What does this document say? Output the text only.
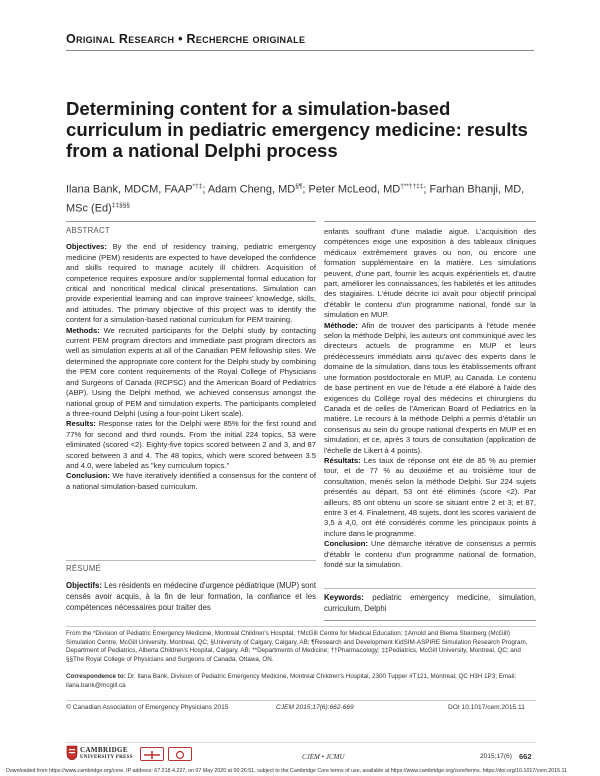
Original Research • Recherche originale
Determining content for a simulation-based curriculum in pediatric emergency medicine: results from a national Delphi process
Ilana Bank, MDCM, FAAP*†‡; Adam Cheng, MD§¶; Peter McLeod, MD†**††‡‡; Farhan Bhanji, MD, MSc (Ed)‡‡§§§
ABSTRACT

Objectives: By the end of residency training, pediatric emergency medicine (PEM) residents are expected to have developed the confidence and skills required to manage acutely ill children. Acquisition of competence requires exposure and/or supplemental formal education for critical and noncritical medical clinical presentations. Simulation can provide experiential learning and can improve trainees' knowledge, skills, and attitudes. The primary objective of this project was to identify the content for a simulation-based national curriculum for PEM training.

Methods: We recruited participants for the Delphi study by contacting current PEM program directors and immediate past program directors as well as simulation experts at all of the Canadian PEM fellowship sites. We determined the appropriate core content for the Delphi study by combining the PEM core content requirements of the Royal College of Physicians and Surgeons of Canada (RCPSC) and the American Board of Pediatrics (ABP). Using the Delphi method, we achieved consensus amongst the national group of PEM and simulation experts. The participants completed a three-round Delphi (using a four-point Likert scale).

Results: Response rates for the Delphi were 85% for the first round and 77% for second and third rounds. From the initial 224 topics, 53 were eliminated (scored <2). Eighty-five topics scored between 2 and 3, and 87 scored between 3 and 4. The 48 topics, which were scored between 3.5 and 4.0, were labeled as "key curriculum topics."

Conclusion: We have iteratively identified a consensus for the content of a national simulation-based curriculum.

RÉSUMÉ

Objectifs: Les résidents en médecine d'urgence pédiatrique (MUP) sont censés avoir acquis, à la fin de leur formation, la confiance et les compétences nécessaires pour traiter des

enfants souffrant d'une maladie aiguë. L'acquisition des compétences exige une exposition à des tableaux cliniques médicaux extrêmement graves ou non, ou encore une formation supplémentaire en la matière. Les simulations peuvent, d'une part, fournir les acquis expérientiels et, d'autre part, améliorer les connaissances, les habiletés et les attitudes des stagiaires. L'étude décrite ici avait pour objectif principal d'établir le contenu d'un programme national, fondé sur la simulation en MUP.

Méthode: Afin de trouver des participants à l'étude menée selon la méthode Delphi, les auteurs ont communiqué avec les directeurs actuels de programme en MUP et leurs prédécesseurs immédiats ainsi qu'avec des experts dans le domaine de la simulation, dans tous les établissements offrant une formation postdoctorale en MUP, au Canada. Le contenu de base pertinent en vue de l'étude a été élaboré à l'aide des exigences du Collège royal des médecins et chirurgiens du Canada et de celles de l'American Board of Pediatrics en la matière. Le recours à la méthode Delphi a permis d'établir un consensus au sein du groupe national d'experts en MUP et en simulation, et ce, après 3 tours de consultation (application de l'échelle de Likert à 4 points).

Résultats: Les taux de réponse ont été de 85 % au premier tour, et de 77 % au deuxième et au troisième tour de consultation, menés selon la méthode Delphi. Sur 224 sujets présentés au départ, 53 ont été éliminés (score <2). Par ailleurs, 85 ont obtenu un score se situant entre 2 et 3; et 87, entre 3 et 4. Finalement, 48 sujets, dont les scores variaient de 3,5 à 4,0, ont été considérés comme les principaux points à inclure dans le programme.

Conclusion: Une démarche itérative de consensus a permis d'établir le contenu d'un programme national de formation, fondé sur la simulation.

Keywords: pediatric emergency medicine, simulation, curriculum, Delphi

From the *Division of Pediatric Emergency Medicine, Montreal Children's Hospital; †McGill Centre for Medical Education; ‡Arnold and Blema Steinberg (McGill) Simulation Centre, McGill University, Montreal, QC; §University of Calgary, Calgary, AB; ¶Research and Development KidSIM-ASPIRE Simulation Research Program, Department of Pediatrics, Alberta Children's Hospital, Calgary, AB; **Departments of Medicine; ††Pharmacology; ‡‡Pediatrics, McGill University, Montreal, QC; and §§The Royal College of Physicians and Surgeons of Canada, Ottawa, ON.
Correspondence to: Dr. Ilana Bank, Division of Pediatric Emergency Medicine, Montreal Children's Hospital, 2300 Tupper #T121, Montreal, QC H3H 1P3; Email: ilana.bank@mcgill.ca
© Canadian Association of Emergency Physicians 2015	CJEM 2015;17(6):662-669	DOI 10.1017/cem.2015.11
CAMBRIDGE
UNIVERSITY PRESS	CJEM • JCMU	2015;17(6) 662
Downloaded from https://www.cambridge.org/core. IP address: 67.218.4.227, on 07 May 2020 at 00:26:51, subject to the Cambridge Core terms of use, available at https://www.cambridge.org/core/terms. https://doi.org/10.1017/cem.2015.11
